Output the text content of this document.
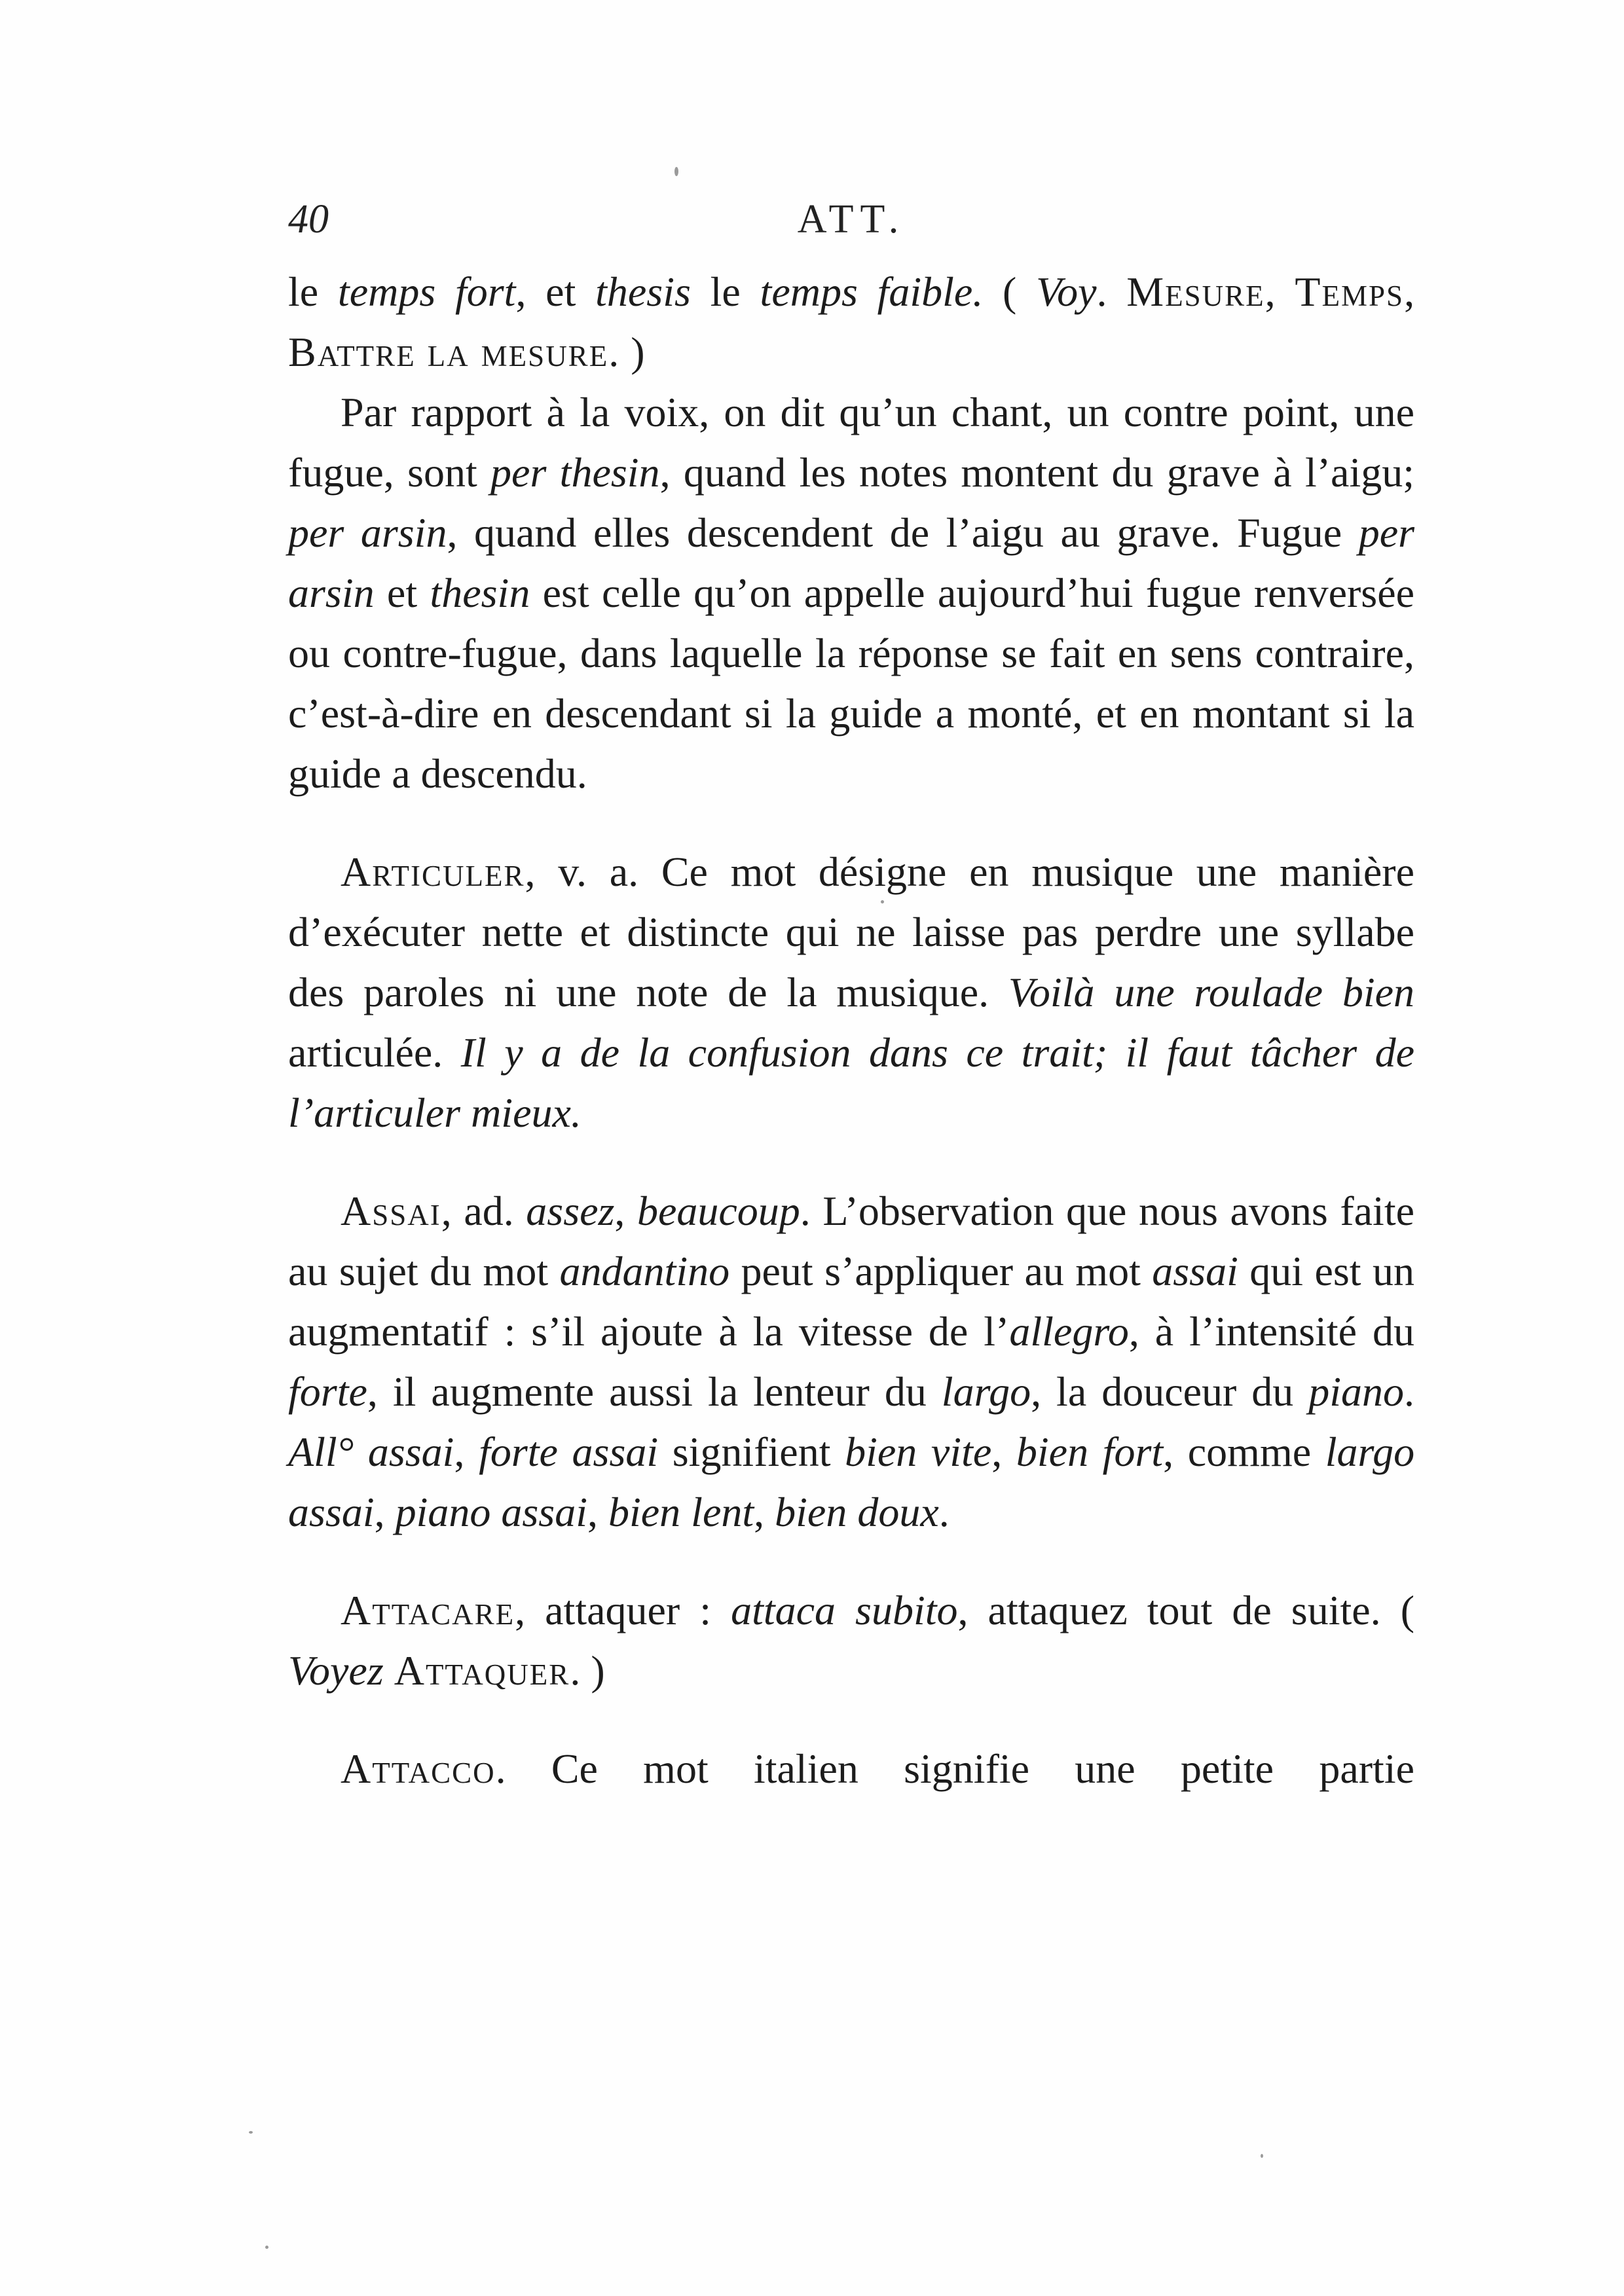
40	ATT.

le temps fort, et thesis le temps faible. ( Voy. Mesure, Temps, Battre la mesure. )

Par rapport à la voix, on dit qu’un chant, un contre point, une fugue, sont per thesin, quand les notes montent du grave à l’aigu; per arsin, quand elles descendent de l’aigu au grave. Fugue per arsin et thesin est celle qu’on appelle aujourd’hui fugue renversée ou contre-fugue, dans laquelle la réponse se fait en sens contraire, c’est-à-dire en descendant si la guide a monté, et en montant si la guide a descendu.

Articuler, v. a. Ce mot désigne en musique une manière d’exécuter nette et distincte qui ne laisse pas perdre une syllabe des paroles ni une note de la musique. Voilà une roulade bien articulée. Il y a de la confusion dans ce trait; il faut tâcher de l’articuler mieux.

Assai, ad. assez, beaucoup. L’observation que nous avons faite au sujet du mot andantino peut s’appliquer au mot assai qui est un augmentatif : s’il ajoute à la vitesse de l’allegro, à l’intensité du forte, il augmente aussi la lenteur du largo, la douceur du piano. All° assai, forte assai signifient bien vite, bien fort, comme largo assai, piano assai, bien lent, bien doux.

Attacare, attaquer : attaca subito, attaquez tout de suite. ( Voyez Attaquer. )

Attacco. Ce mot italien signifie une petite partie
